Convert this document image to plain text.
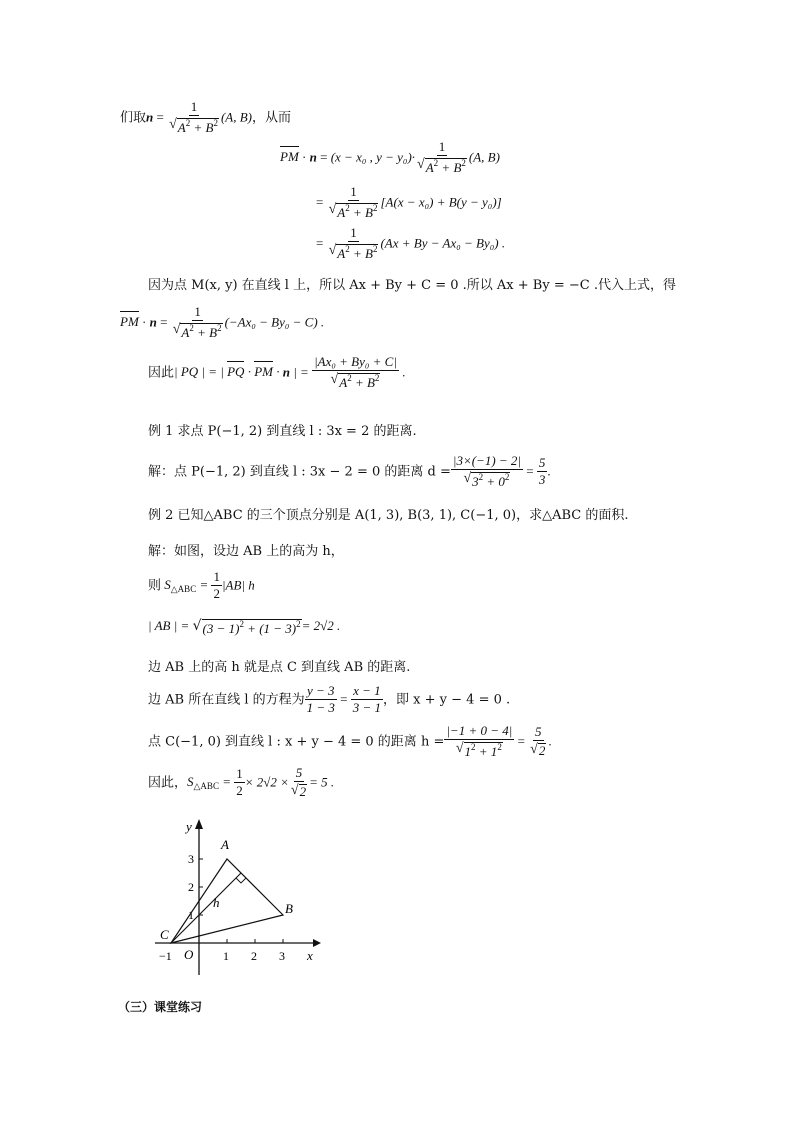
们取$n = \frac{1}{√ A^2 + B^2} (A$, B)，从而
PM · n = (x − x₀ , $y - y_0)\cdot \frac{1}{√ A^2 + B^2} (A$, B)
= $\frac{1}{√ A^2 + B^2} [A(x - x_0) + B(y - y_0)]$
= $\frac{1}{√ A^2 + B^2} (Ax + By - Ax_0 - By_0)$ .
因为点 M(x, y) 在直线 l 上，所以 Ax + By + C = 0 .所以 Ax + By = −C .代入上式，得
PM · $n = \frac{1}{√ A^2 + B^2} (-Ax_0 - By_0 - C)$ .
因此| PQ | = | PQ · PM · n | = $\frac{\text{|Ax₀ + By₀ + C|}}{√ A^2 + B^2}$ .
例 1 求点 P(−1, 2) 到直线 l : 3x = 2 的距离.
解：点 P(−1, 2) 到直线 l : 3x − 2 = 0 的距离 $d = \frac{|3\times(-1) - 2|}{√ 3^2 + 0^2} = \frac{5}{3}$ .
例 2 已知△ABC 的三个顶点分别是 A(1, 3), B(3, 1), C(−1, 0)，求△ABC 的面积.
解：如图，设边 AB 上的高为 h，
则 $S_{\triangle ABC} = \frac{1}{2} |AB|$ h
| AB | = √ $(3 - 1)^2 + (1 - 3)^2 = 2√2$ .
边 AB 上的高 h 就是点 C 到直线 AB 的距离.
边 AB 所在直线 l 的方程为 $\frac{y - 3}{1 - 3} = \frac{x - 1}{3 - 1}$ ，即 x + y − 4 = 0 .
点 C(−1, 0) 到直线 l : x + y − 4 = 0 的距离 $h = \frac{|-1 + 0 - 4|}{√ 1^2 + 1^2} = \frac{5}{√ 2}$ .
因此，$S_{\triangle ABC} = \frac{1}{2} \times 2√2 \times \frac{5}{√ 2} = 5$ .
x
y
−1	1 2 3
1
2
3
O
A
B
C
h
（三）课堂练习
